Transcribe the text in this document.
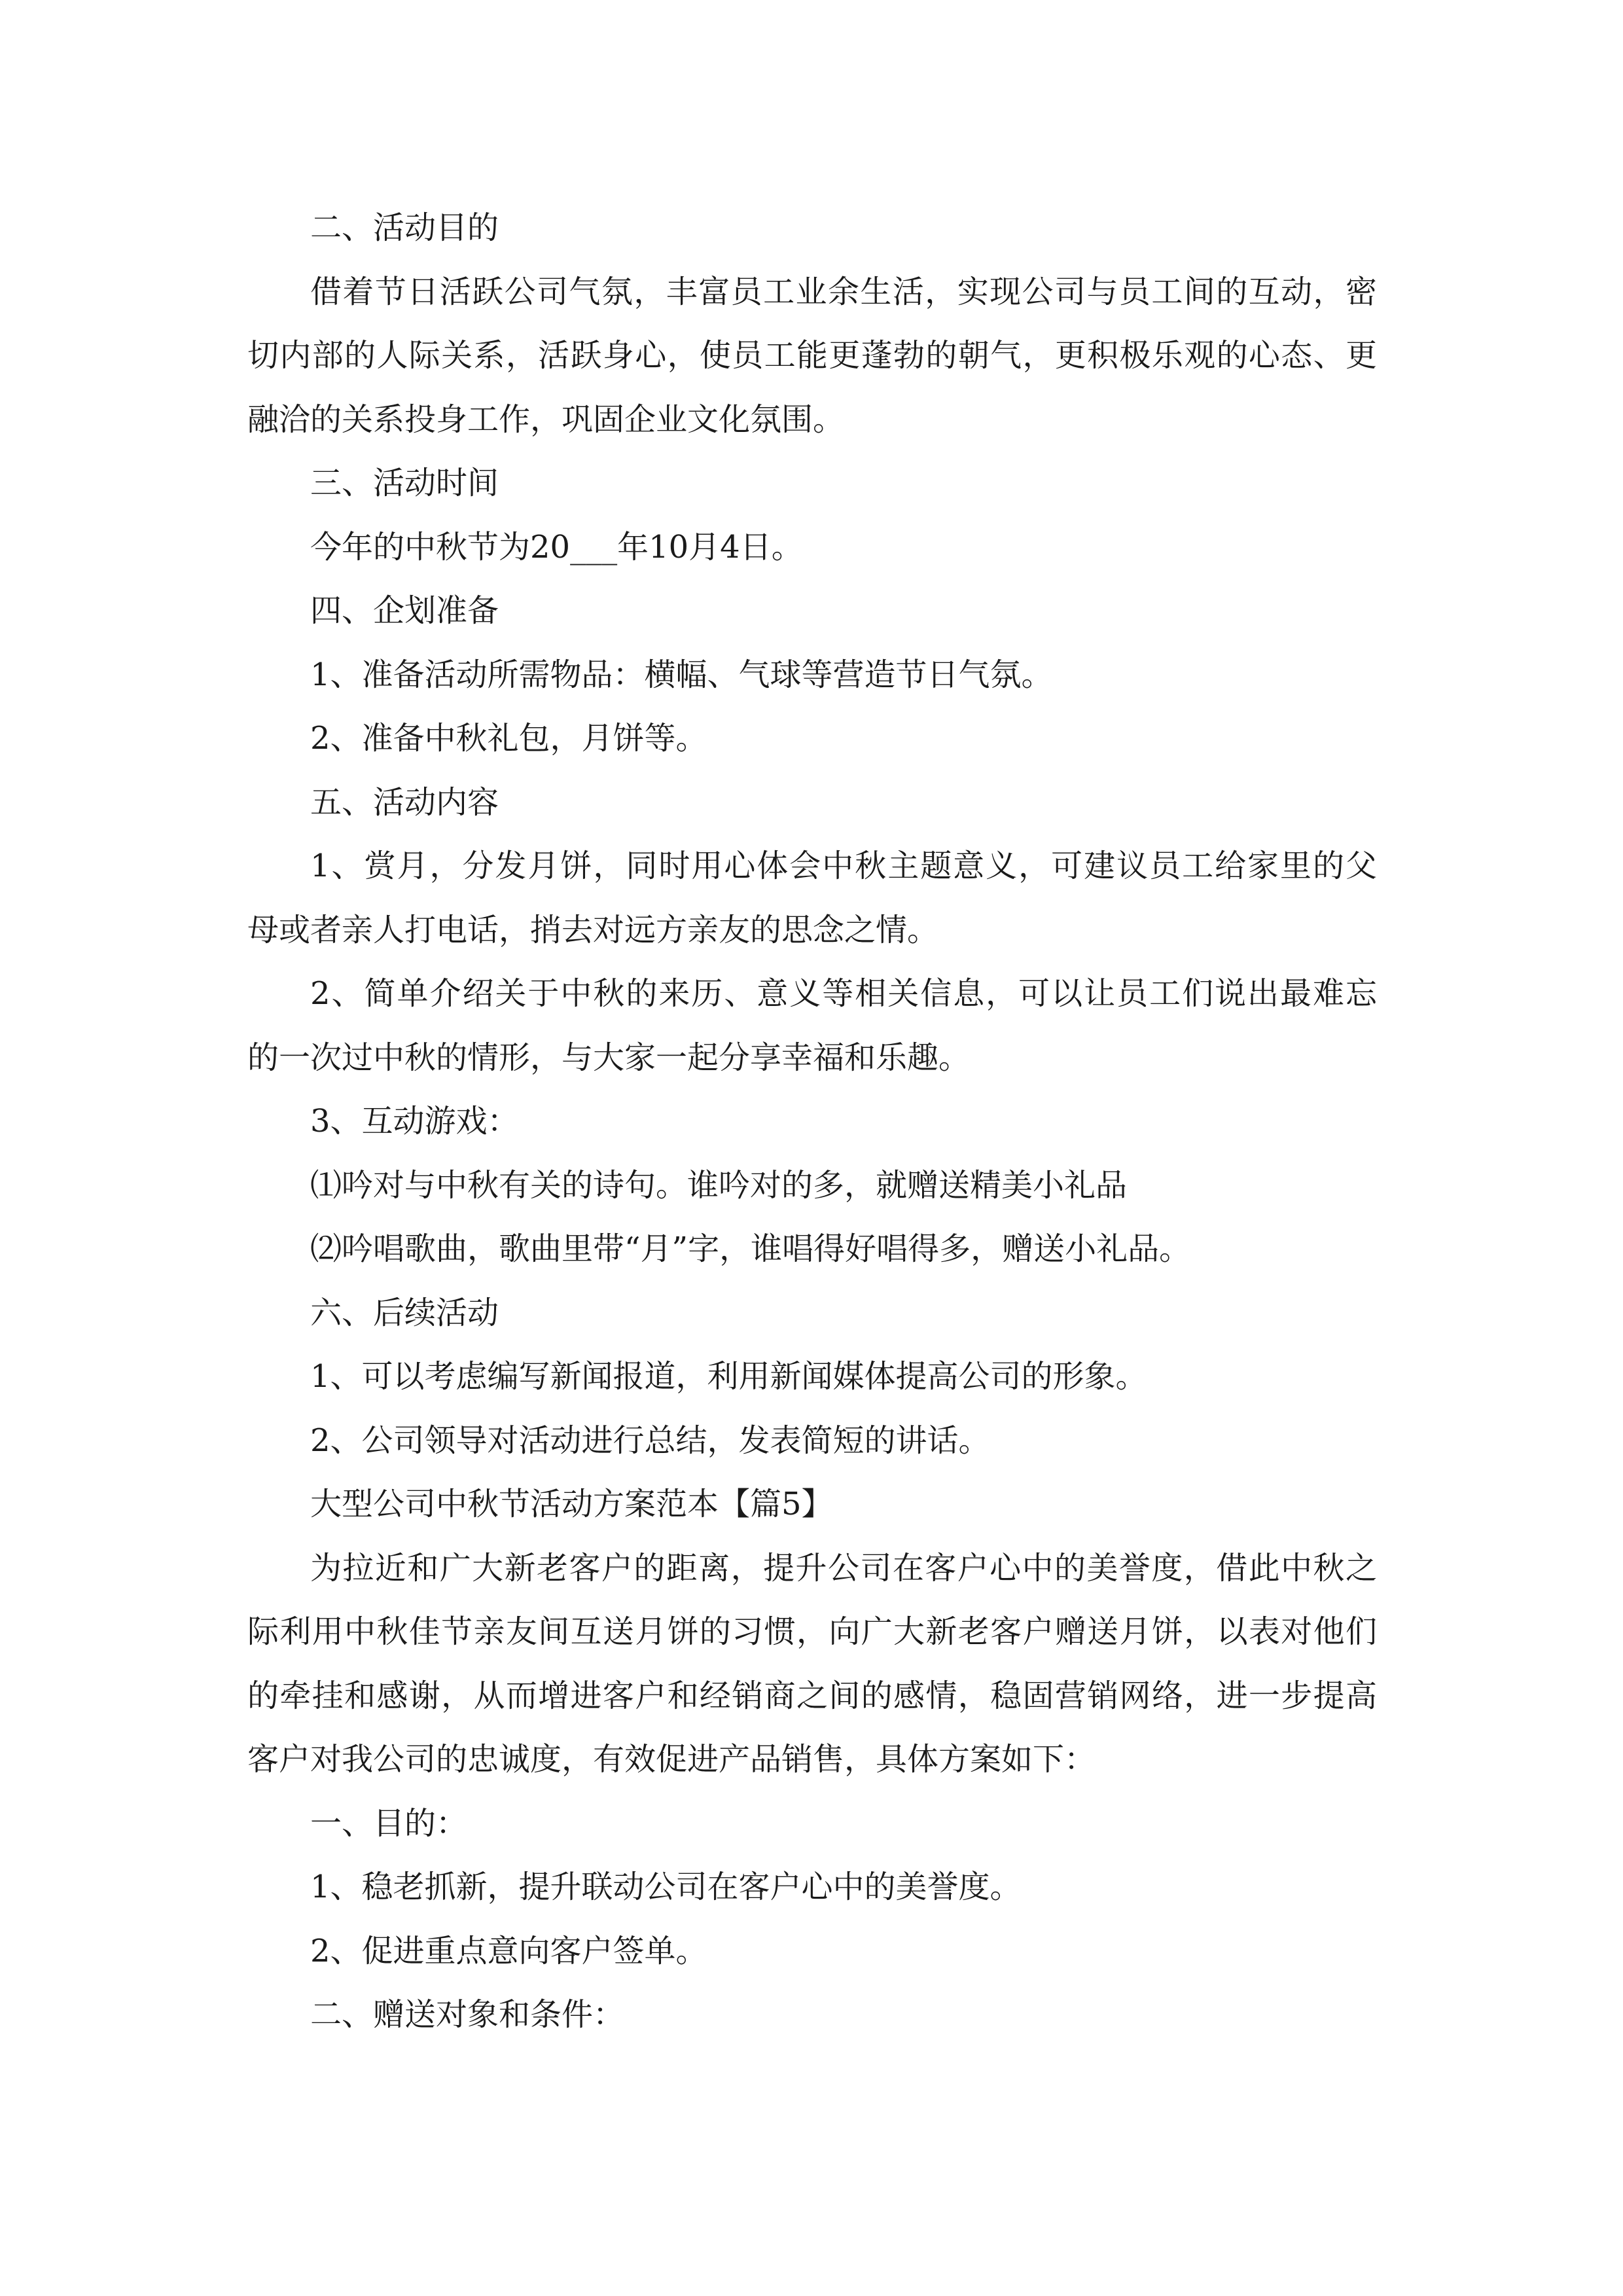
二、活动目的

借着节日活跃公司气氛，丰富员工业余生活，实现公司与员工间的互动，密

切内部的人际关系，活跃身心，使员工能更蓬勃的朝气，更积极乐观的心态、更

融洽的关系投身工作，巩固企业文化氛围。

三、活动时间

今年的中秋节为20___年10月4日。

四、企划准备

1、准备活动所需物品：横幅、气球等营造节日气氛。

2、准备中秋礼包，月饼等。

五、活动内容

1、赏月，分发月饼，同时用心体会中秋主题意义，可建议员工给家里的父

母或者亲人打电话，捎去对远方亲友的思念之情。

2、简单介绍关于中秋的来历、意义等相关信息，可以让员工们说出最难忘

的一次过中秋的情形，与大家一起分享幸福和乐趣。

3、互动游戏：

⑴吟对与中秋有关的诗句。谁吟对的多，就赠送精美小礼品

⑵吟唱歌曲，歌曲里带“月”字，谁唱得好唱得多，赠送小礼品。

六、后续活动

1、可以考虑编写新闻报道，利用新闻媒体提高公司的形象。

2、公司领导对活动进行总结，发表简短的讲话。

大型公司中秋节活动方案范本【篇5】

为拉近和广大新老客户的距离，提升公司在客户心中的美誉度，借此中秋之

际利用中秋佳节亲友间互送月饼的习惯，向广大新老客户赠送月饼，以表对他们

的牵挂和感谢，从而增进客户和经销商之间的感情，稳固营销网络，进一步提高

客户对我公司的忠诚度，有效促进产品销售，具体方案如下：

一、目的：

1、稳老抓新，提升联动公司在客户心中的美誉度。

2、促进重点意向客户签单。

二、赠送对象和条件：
